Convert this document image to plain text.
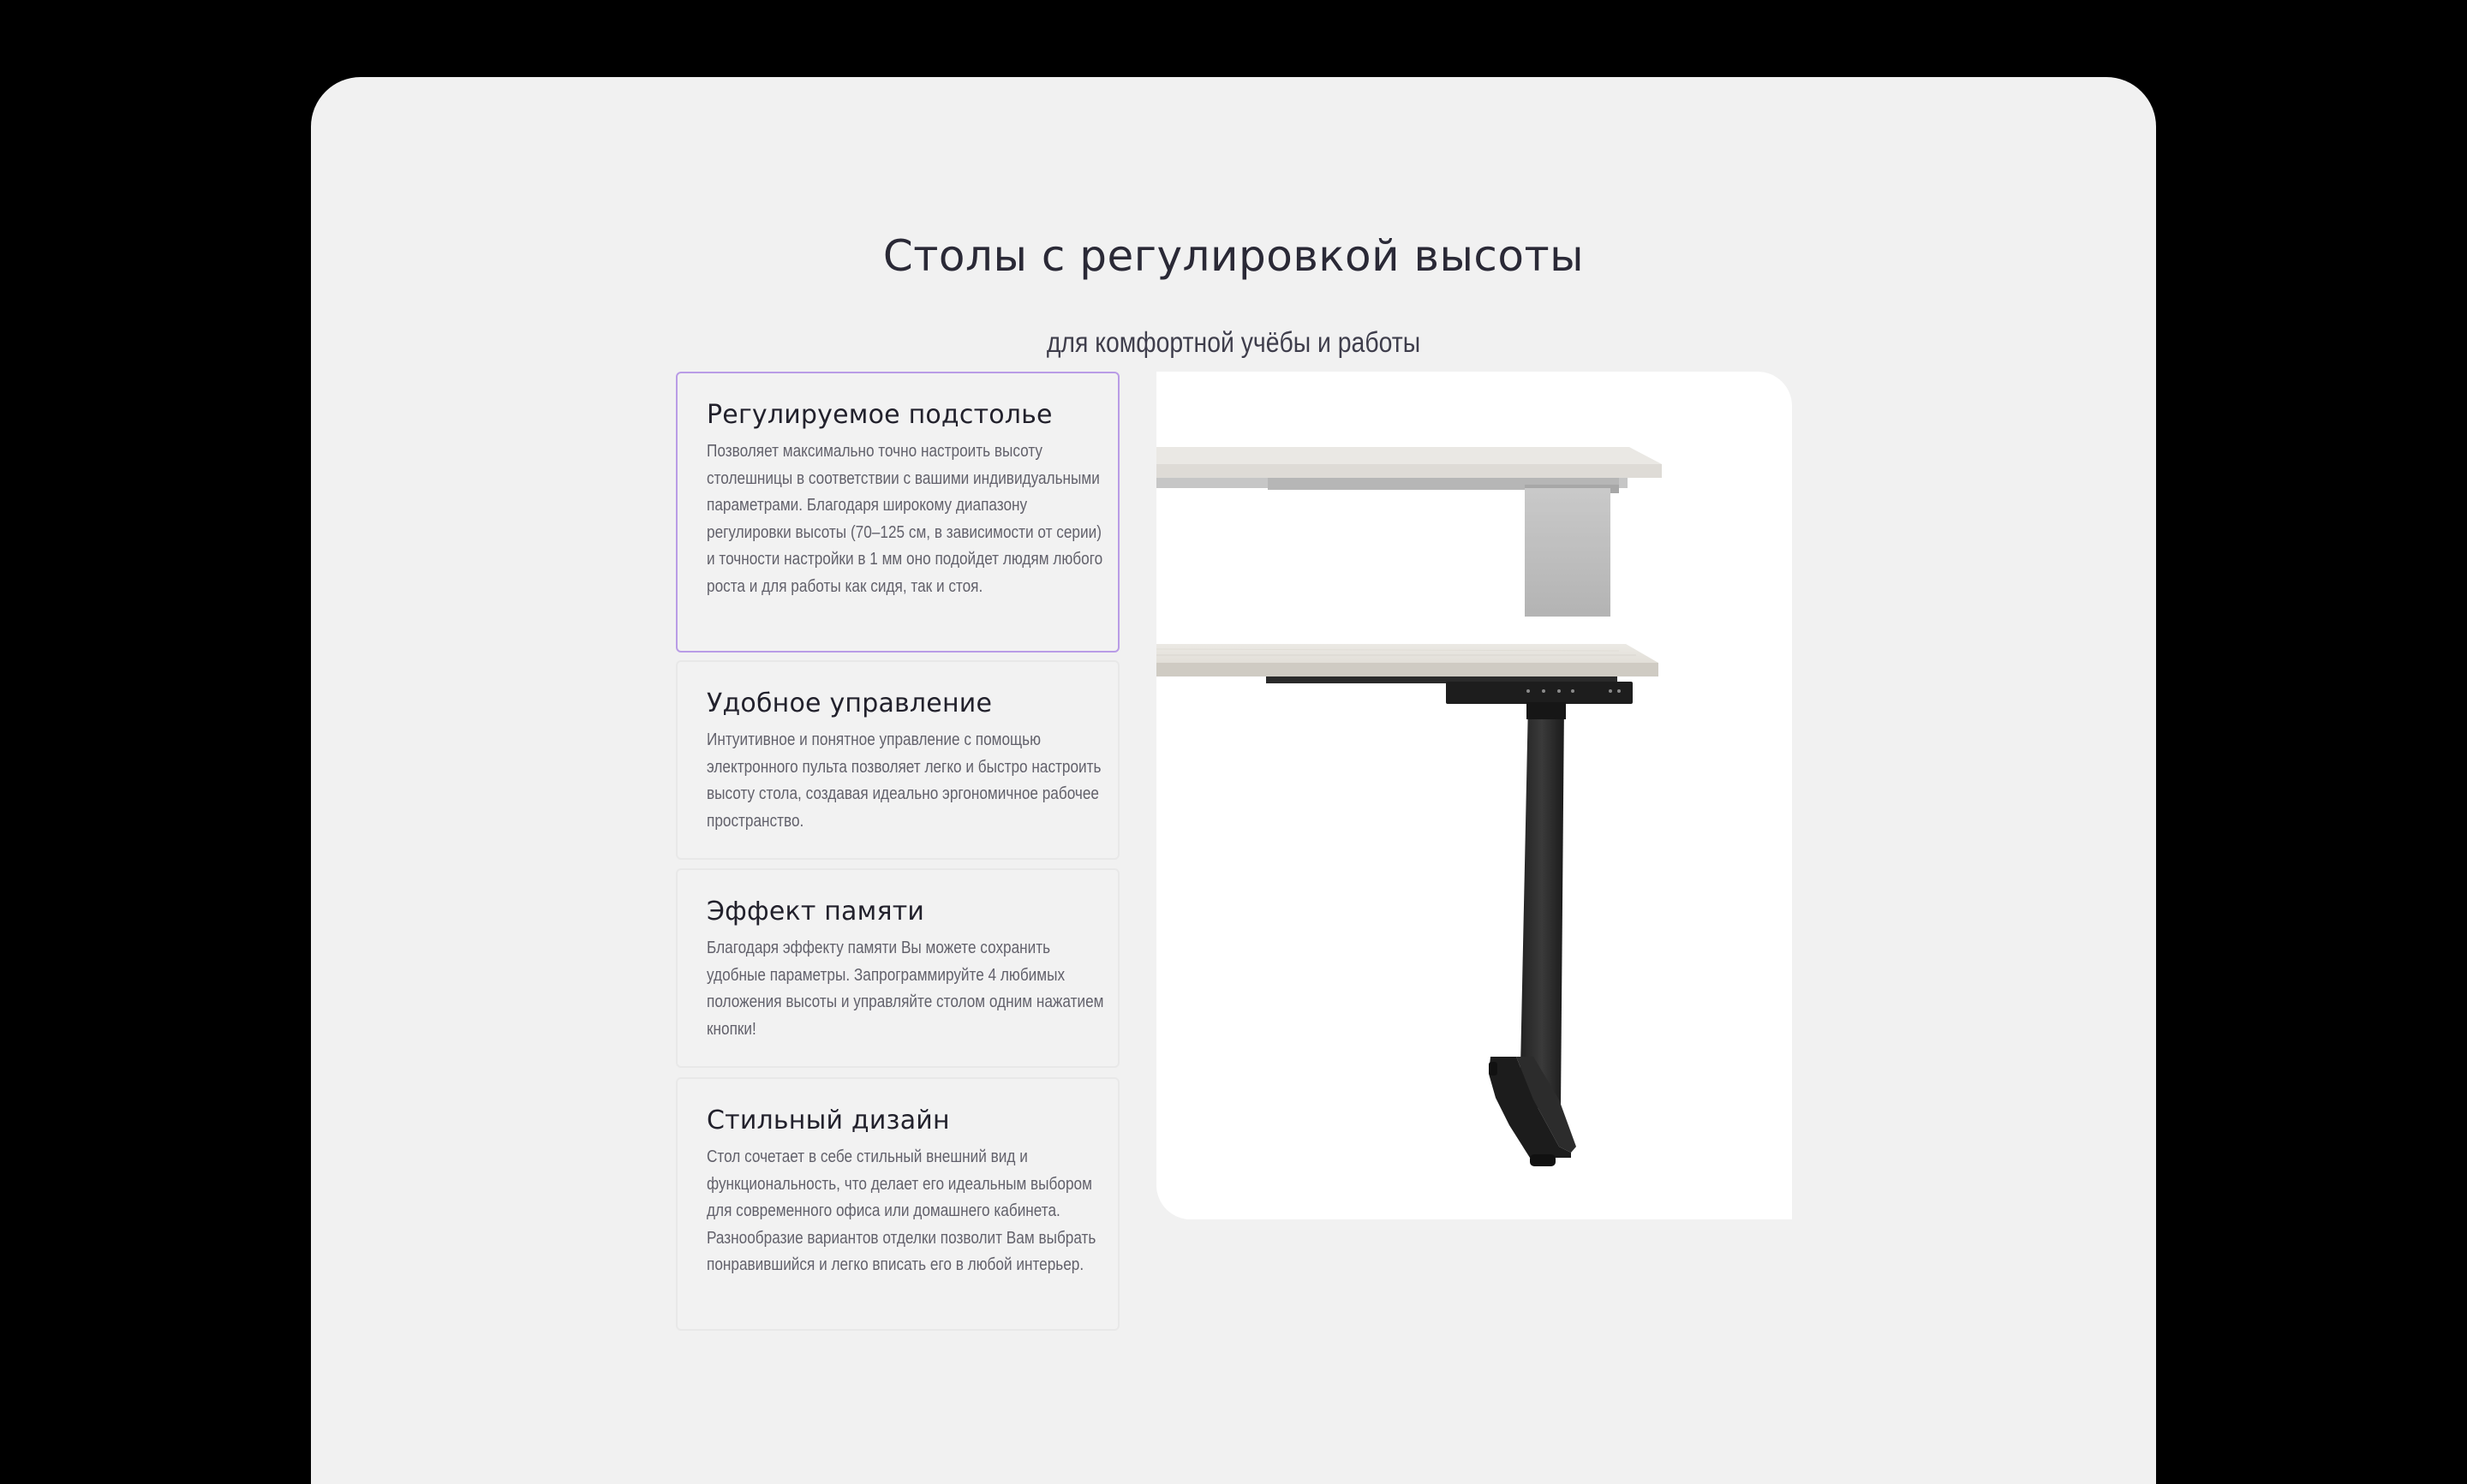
Столы с регулировкой высоты

для комфортной учёбы и работы

Регулируемое подстолье

Позволяет максимально точно настроить высоту столешницы в соответствии с вашими индивидуальными параметрами. Благодаря широкому диапазону регулировки высоты (70–125 см, в зависимости от серии) и точности настройки в 1 мм оно подойдет людям любого роста и для работы как сидя, так и стоя.

Удобное управление

Интуитивное и понятное управление с помощью электронного пульта позволяет легко и быстро настроить высоту стола, создавая идеально эргономичное рабочее пространство.

Эффект памяти

Благодаря эффекту памяти Вы можете сохранить удобные параметры. Запрограммируйте 4 любимых положения высоты и управляйте столом одним нажатием кнопки!

Стильный дизайн

Стол сочетает в себе стильный внешний вид и функциональность, что делает его идеальным выбором для современного офиса или домашнего кабинета. Разнообразие вариантов отделки позволит Вам выбрать понравившийся и легко вписать его в любой интерьер.
